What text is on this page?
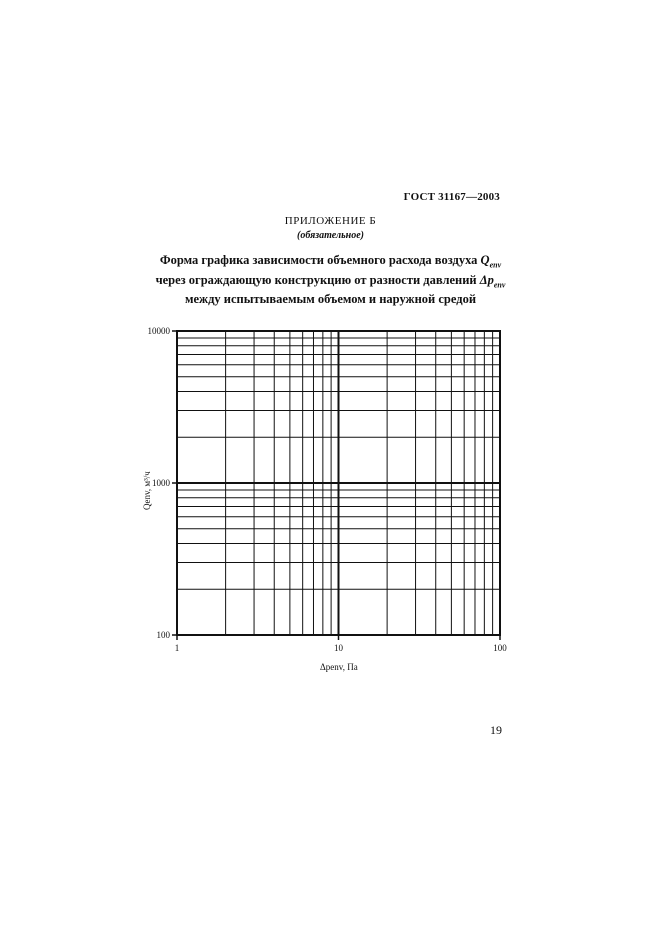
ГОСТ 31167—2003
ПРИЛОЖЕНИЕ Б
(обязательное)
Форма графика зависимости объемного расхода воздуха $Q_{env}$
через ограждающую конструкцию от разности давлений $\Delta p_{env}$
между испытываемым объемом и наружной средой
1	10	100
100
1000
10000
Δpenv, Па
Qenv, м³/ч
19
